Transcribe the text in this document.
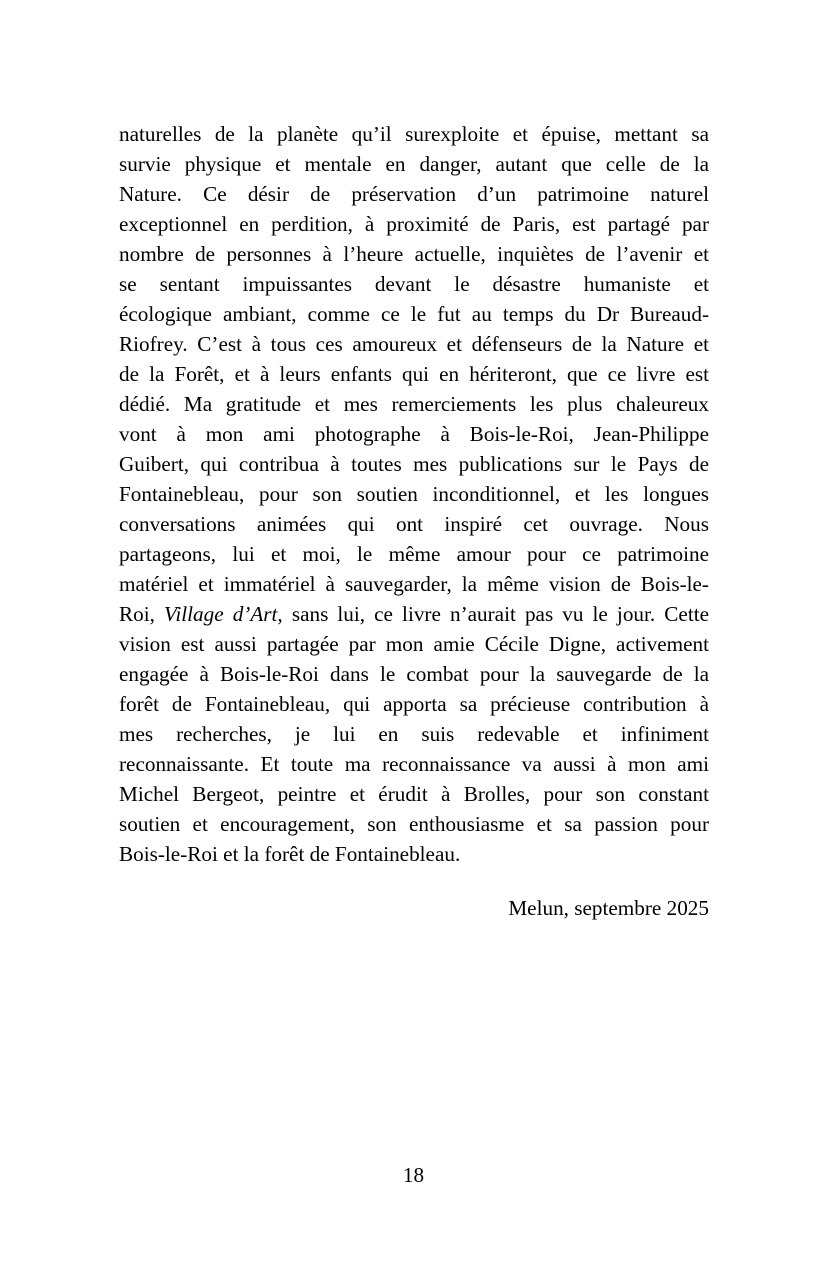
naturelles de la planète qu’il surexploite et épuise, mettant sa
survie physique et mentale en danger, autant que celle de la
Nature. Ce désir de préservation d’un patrimoine naturel
exceptionnel en perdition, à proximité de Paris, est partagé par
nombre de personnes à l’heure actuelle, inquiètes de l’avenir et
se sentant impuissantes devant le désastre humaniste et
écologique ambiant, comme ce le fut au temps du Dr Bureaud-
Riofrey. C’est à tous ces amoureux et défenseurs de la Nature et
de la Forêt, et à leurs enfants qui en hériteront, que ce livre est
dédié. Ma gratitude et mes remerciements les plus chaleureux
vont à mon ami photographe à Bois-le-Roi, Jean-Philippe
Guibert, qui contribua à toutes mes publications sur le Pays de
Fontainebleau, pour son soutien inconditionnel, et les longues
conversations animées qui ont inspiré cet ouvrage. Nous
partageons, lui et moi, le même amour pour ce patrimoine
matériel et immatériel à sauvegarder, la même vision de Bois-le-
Roi, Village d’Art, sans lui, ce livre n’aurait pas vu le jour. Cette
vision est aussi partagée par mon amie Cécile Digne, activement
engagée à Bois-le-Roi dans le combat pour la sauvegarde de la
forêt de Fontainebleau, qui apporta sa précieuse contribution à
mes recherches, je lui en suis redevable et infiniment
reconnaissante. Et toute ma reconnaissance va aussi à mon ami
Michel Bergeot, peintre et érudit à Brolles, pour son constant
soutien et encouragement, son enthousiasme et sa passion pour
Bois-le-Roi et la forêt de Fontainebleau.
Melun, septembre 2025
18
